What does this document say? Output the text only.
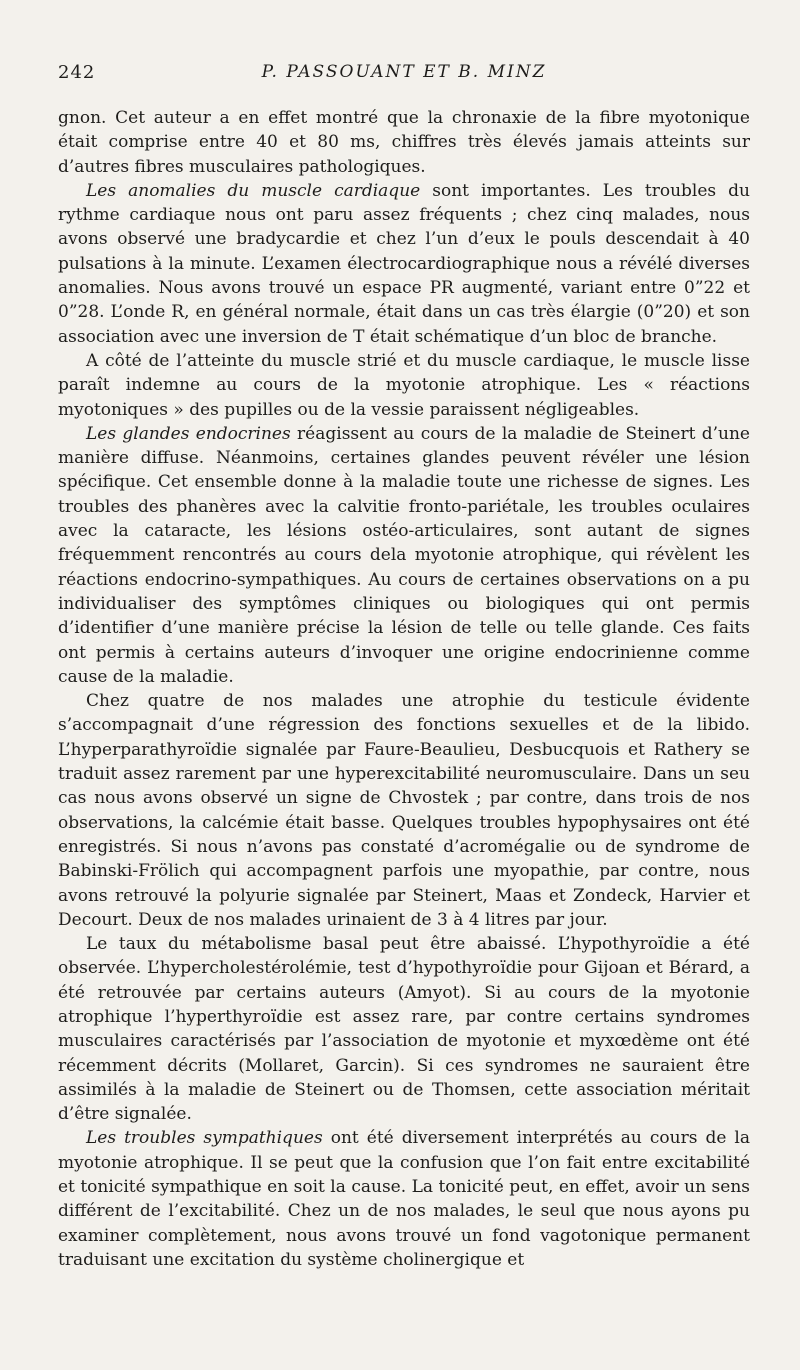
242	P. PASSOUANT ET B. MINZ

gnon. Cet auteur a en effet montré que la chronaxie de la fibre myotonique était comprise entre 40 et 80 ms, chiffres très élevés jamais atteints sur d’autres fibres musculaires pathologiques.

Les anomalies du muscle cardiaque sont importantes. Les troubles du rythme cardiaque nous ont paru assez fréquents ; chez cinq malades, nous avons observé une bradycardie et chez l’un d’eux le pouls descendait à 40 pulsations à la minute. L’examen électrocardiographique nous a révélé diverses anomalies. Nous avons trouvé un espace PR augmenté, variant entre 0”22 et 0”28. L’onde R, en général normale, était dans un cas très élargie (0”20) et son association avec une inversion de T était schématique d’un bloc de branche.

A côté de l’atteinte du muscle strié et du muscle cardiaque, le muscle lisse paraît indemne au cours de la myotonie atrophique. Les « réactions myotoniques » des pupilles ou de la vessie paraissent négligeables.

Les glandes endocrines réagissent au cours de la maladie de Steinert d’une manière diffuse. Néanmoins, certaines glandes peuvent révéler une lésion spécifique. Cet ensemble donne à la maladie toute une richesse de signes. Les troubles des phanères avec la calvitie fronto-pariétale, les troubles oculaires avec la cataracte, les lésions ostéo-articulaires, sont autant de signes fréquemment rencontrés au cours dela myotonie atrophique, qui révèlent les réactions endocrino-sympathiques. Au cours de certaines observations on a pu individualiser des symptômes cliniques ou biologiques qui ont permis d’identifier d’une manière précise la lésion de telle ou telle glande. Ces faits ont permis à certains auteurs d’invoquer une origine endocrinienne comme cause de la maladie.

Chez quatre de nos malades une atrophie du testicule évidente s’accompagnait d’une régression des fonctions sexuelles et de la libido. L’hyperparathyroïdie signalée par Faure-Beaulieu, Desbucquois et Rathery se traduit assez rarement par une hyperexcitabilité neuromusculaire. Dans un seu cas nous avons observé un signe de Chvostek ; par contre, dans trois de nos observations, la calcémie était basse. Quelques troubles hypophysaires ont été enregistrés. Si nous n’avons pas constaté d’acromégalie ou de syndrome de Babinski-Frölich qui accompagnent parfois une myopathie, par contre, nous avons retrouvé la polyurie signalée par Steinert, Maas et Zondeck, Harvier et Decourt. Deux de nos malades urinaient de 3 à 4 litres par jour.

Le taux du métabolisme basal peut être abaissé. L’hypothyroïdie a été observée. L’hypercholestérolémie, test d’hypothyroïdie pour Gijoan et Bérard, a été retrouvée par certains auteurs (Amyot). Si au cours de la myotonie atrophique l’hyperthyroïdie est assez rare, par contre certains syndromes musculaires caractérisés par l’association de myotonie et myxœdème ont été récemment décrits (Mollaret, Garcin). Si ces syndromes ne sauraient être assimilés à la maladie de Steinert ou de Thomsen, cette association méritait d’être signalée.

Les troubles sympathiques ont été diversement interprétés au cours de la myotonie atrophique. Il se peut que la confusion que l’on fait entre excitabilité et tonicité sympathique en soit la cause. La tonicité peut, en effet, avoir un sens différent de l’excitabilité. Chez un de nos malades, le seul que nous ayons pu examiner complètement, nous avons trouvé un fond vagotonique permanent traduisant une excitation du système cholinergique et
